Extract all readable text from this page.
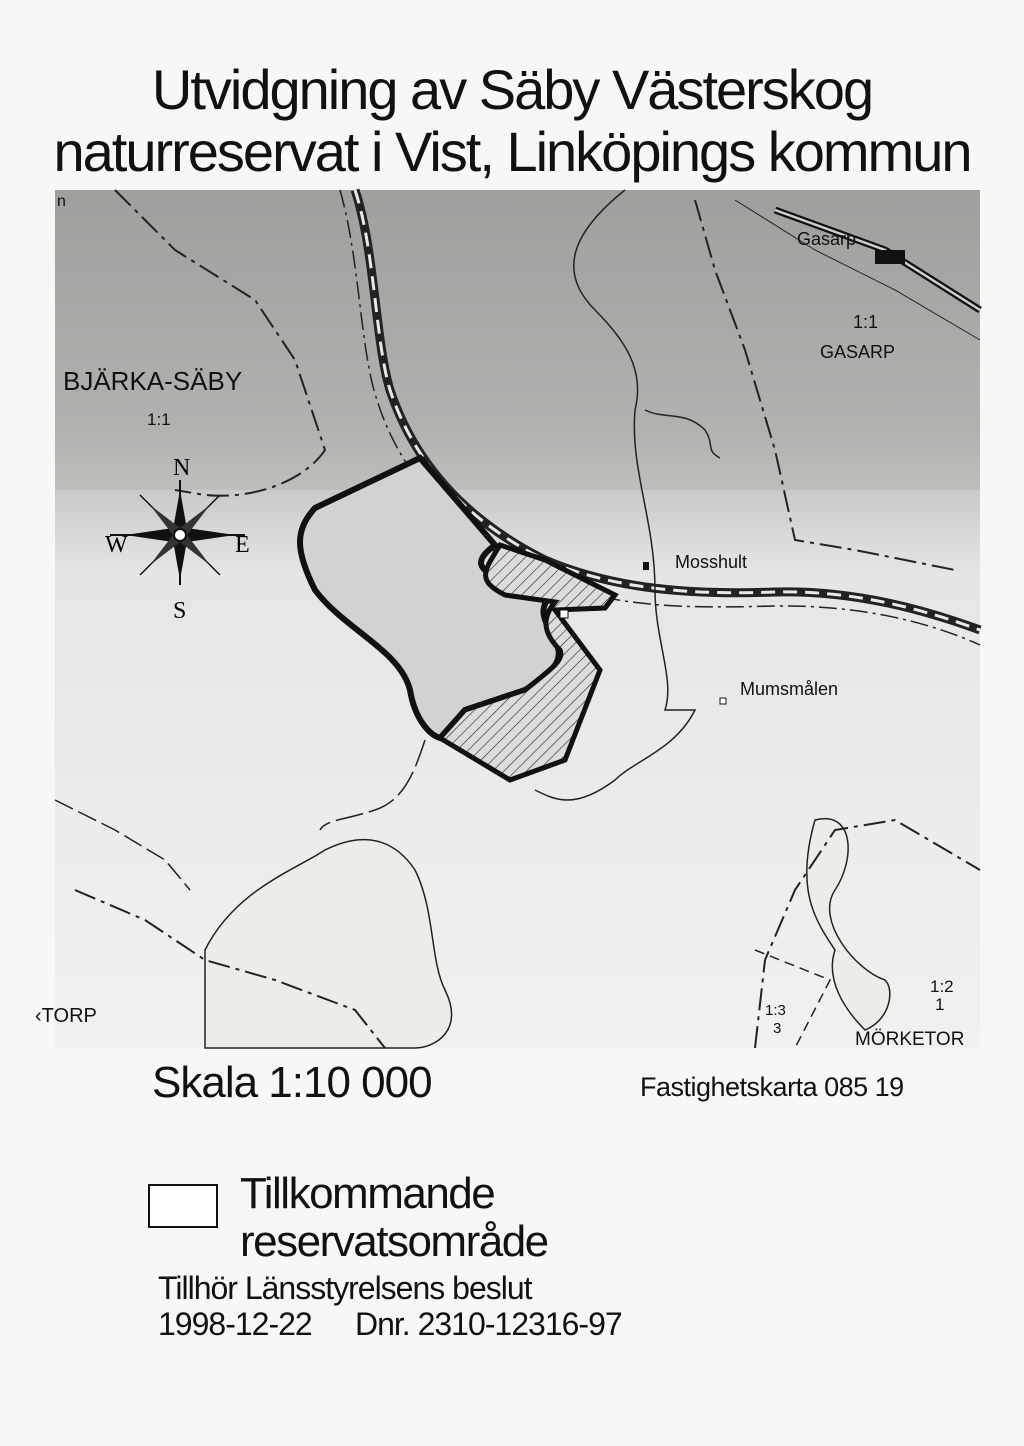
Utvidgning av Säby Västerskog
naturreservat i Vist, Linköpings kommun
N
S
E
W
BJÄRKA-SÄBY
1:1
Gasarp
1:1
GASARP
Mosshult
Mumsmålen
‹TORP
MÖRKETOR
1:3
3
1:2
1
n
Skala 1:10 000	Fastighetskarta 085 19
Tillkommande
reservatsområde
Tillhör Länsstyrelsens beslut
1998-12-22 Dnr. 2310-12316-97
